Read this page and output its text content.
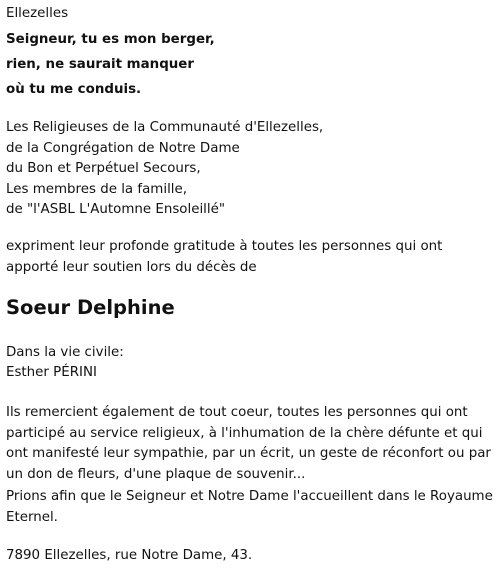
Ellezelles
Seigneur, tu es mon berger,
rien, ne saurait manquer
où tu me conduis.
Les Religieuses de la Communauté d'Ellezelles,
de la Congrégation de Notre Dame
du Bon et Perpétuel Secours,
Les membres de la famille,
de "l'ASBL L'Automne Ensoleillé"
expriment leur profonde gratitude à toutes les personnes qui ont
apporté leur soutien lors du décès de
Soeur Delphine
Dans la vie civile:
Esther PÉRINI
Ils remercient également de tout coeur, toutes les personnes qui ont
participé au service religieux, à l'inhumation de la chère défunte et qui
ont manifesté leur sympathie, par un écrit, un geste de réconfort ou par
un don de fleurs, d'une plaque de souvenir...
Prions afin que le Seigneur et Notre Dame l'accueillent dans le Royaume
Eternel.
7890 Ellezelles, rue Notre Dame, 43.
